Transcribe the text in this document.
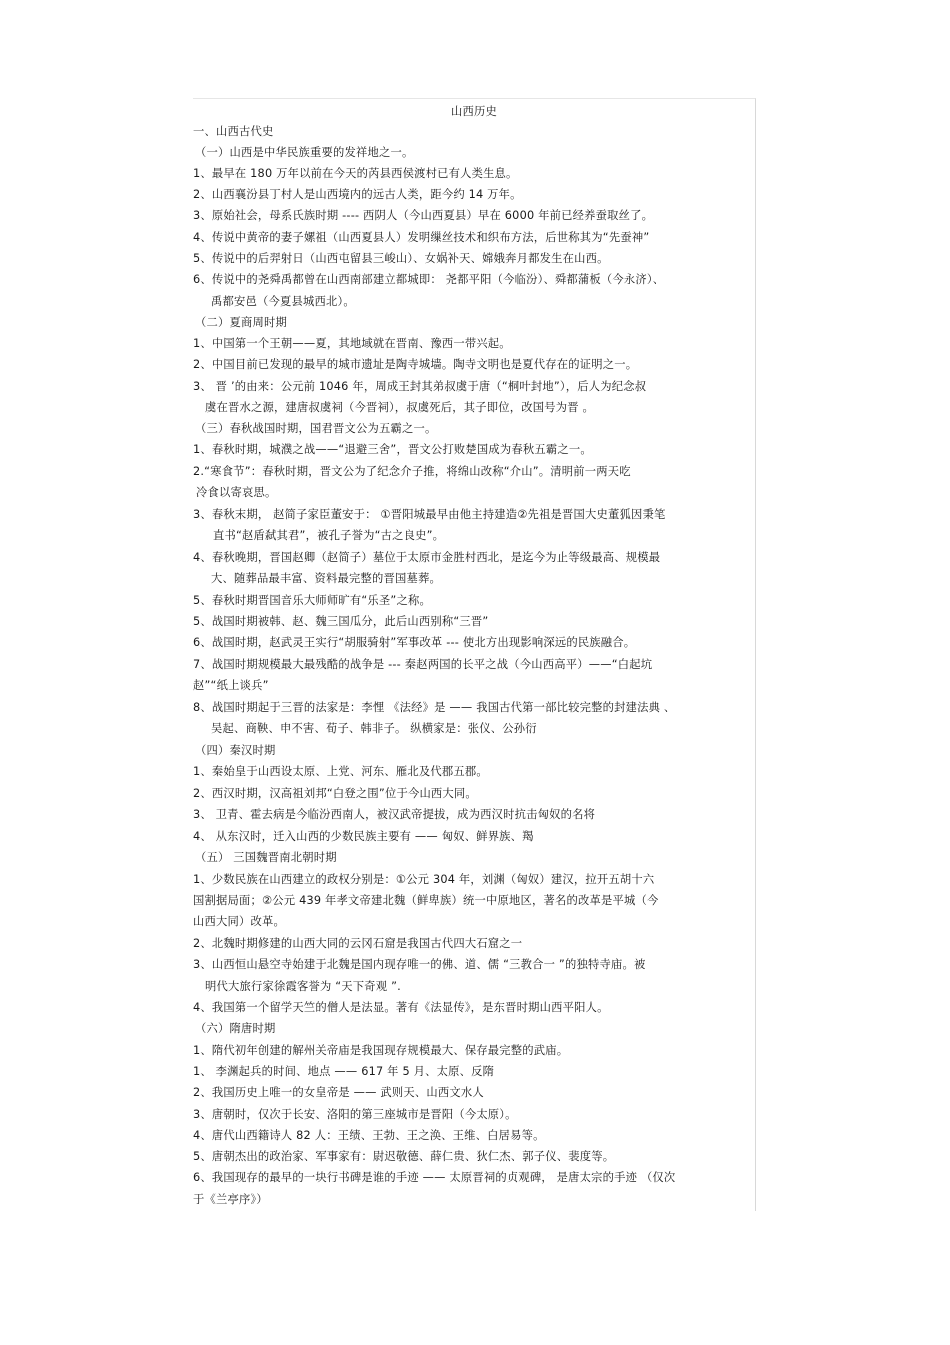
山西历史
一、山西古代史
（一）山西是中华民族重要的发祥地之一。
1、最早在 180 万年以前在今天的芮县西侯渡村已有人类生息。
2、山西襄汾县丁村人是山西境内的远古人类，距今约 14 万年。
3、原始社会，母系氏族时期 ---- 西阴人（今山西夏县）早在 6000 年前已经养蚕取丝了。
4、传说中黄帝的妻子嫘祖（山西夏县人）发明缫丝技术和织布方法，后世称其为“先蚕神”
5、传说中的后羿射日（山西屯留县三峻山）、女娲补天、嫦娥奔月都发生在山西。
6、传说中的尧舜禹都曾在山西南部建立都城即： 尧都平阳（今临汾）、舜都蒲板（今永济）、
禹都安邑（今夏县城西北）。
（二）夏商周时期
1、中国第一个王朝——夏，其地域就在晋南、豫西一带兴起。
2、中国目前已发现的最早的城市遗址是陶寺城墙。陶寺文明也是夏代存在的证明之一。
3、 晋 ’的由来：公元前 1046 年，周成王封其弟叔虞于唐（“桐叶封地”），后人为纪念叔
虞在晋水之源，建唐叔虞祠（今晋祠），叔虞死后，其子即位，改国号为晋 。
（三）春秋战国时期，国君晋文公为五霸之一。
1、春秋时期，城濮之战——“退避三舍”，晋文公打败楚国成为春秋五霸之一。
2.“寒食节”：春秋时期，晋文公为了纪念介子推，将绵山改称“介山”。清明前一两天吃
冷食以寄哀思。
3、春秋末期， 赵简子家臣董安于： ①晋阳城最早由他主持建造②先祖是晋国大史董狐因秉笔
直书“赵盾弑其君”，被孔子誉为“古之良史”。
4、春秋晚期，晋国赵卿（赵简子）墓位于太原市金胜村西北，是迄今为止等级最高、规模最
大、随葬品最丰富、资料最完整的晋国墓葬。
5、春秋时期晋国音乐大师师旷有“乐圣”之称。
5、战国时期被韩、赵、魏三国瓜分，此后山西别称“三晋”
6、战国时期，赵武灵王实行“胡服骑射”军事改革 --- 使北方出现影响深远的民族融合。
7、战国时期规模最大最残酷的战争是 --- 秦赵两国的长平之战（今山西高平）——“白起坑
赵”“纸上谈兵”
8、战国时期起于三晋的法家是：李悝 《法经》是 —— 我国古代第一部比较完整的封建法典 、
吴起、商鞅、申不害、荀子、韩非子。 纵横家是：张仪、公孙衍
（四）秦汉时期
1、秦始皇于山西设太原、上党、河东、雁北及代郡五郡。
2、西汉时期，汉高祖刘邦“白登之围”位于今山西大同。
3、 卫青、霍去病是今临汾西南人，被汉武帝提拔，成为西汉时抗击匈奴的名将
4、 从东汉时，迁入山西的少数民族主要有 —— 匈奴、鲜界族、羯
（五） 三国魏晋南北朝时期
1、少数民族在山西建立的政权分别是：①公元 304 年，刘渊（匈奴）建汉，拉开五胡十六
国割据局面；②公元 439 年孝文帝建北魏（鲜卑族）统一中原地区，著名的改革是平城（今
山西大同）改革。
2、北魏时期修建的山西大同的云冈石窟是我国古代四大石窟之一
3、山西恒山悬空寺始建于北魏是国内现存唯一的佛、道、儒 “三教合一 ”的独特寺庙。被
明代大旅行家徐霞客誉为 “天下奇观 ”.
4、我国第一个留学天竺的僧人是法显。著有《法显传》，是东晋时期山西平阳人。
（六）隋唐时期
1、隋代初年创建的解州关帝庙是我国现存规模最大、保存最完整的武庙。
1、 李渊起兵的时间、地点 —— 617 年 5 月、太原、反隋
2、我国历史上唯一的女皇帝是 —— 武则天、山西文水人
3、唐朝时，仅次于长安、洛阳的第三座城市是晋阳（今太原）。
4、唐代山西籍诗人 82 人：王绩、王勃、王之涣、王维、白居易等。
5、唐朝杰出的政治家、军事家有：尉迟敬德、薛仁贵、狄仁杰、郭子仪、裴度等。
6、我国现存的最早的一块行书碑是谁的手迹 —— 太原晋祠的贞观碑， 是唐太宗的手迹 （仅次
于《兰亭序》）
